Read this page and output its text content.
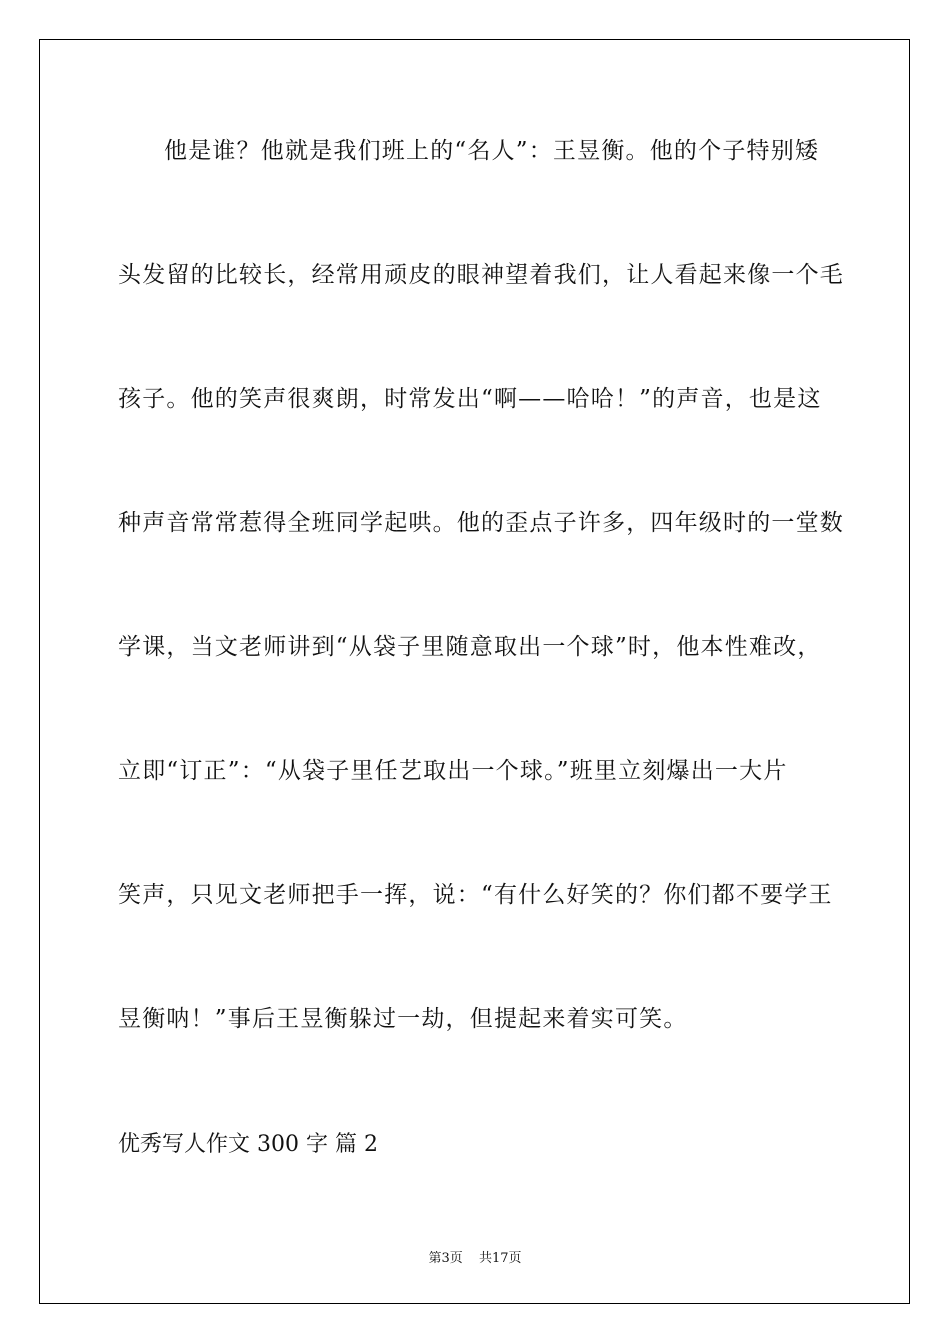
他是谁？他就是我们班上的“名人”：王昱衡。他的个子特别矮
头发留的比较长，经常用顽皮的眼神望着我们，让人看起来像一个毛
孩子。他的笑声很爽朗，时常发出“啊——哈哈！”的声音，也是这
种声音常常惹得全班同学起哄。他的歪点子许多，四年级时的一堂数
学课，当文老师讲到“从袋子里随意取出一个球”时，他本性难改，
立即“订正”：“从袋子里任艺取出一个球。”班里立刻爆出一大片
笑声，只见文老师把手一挥，说：“有什么好笑的？你们都不要学王
昱衡呐！”事后王昱衡躲过一劫，但提起来着实可笑。
优秀写人作文 300 字 篇 2
第3页 共17页
